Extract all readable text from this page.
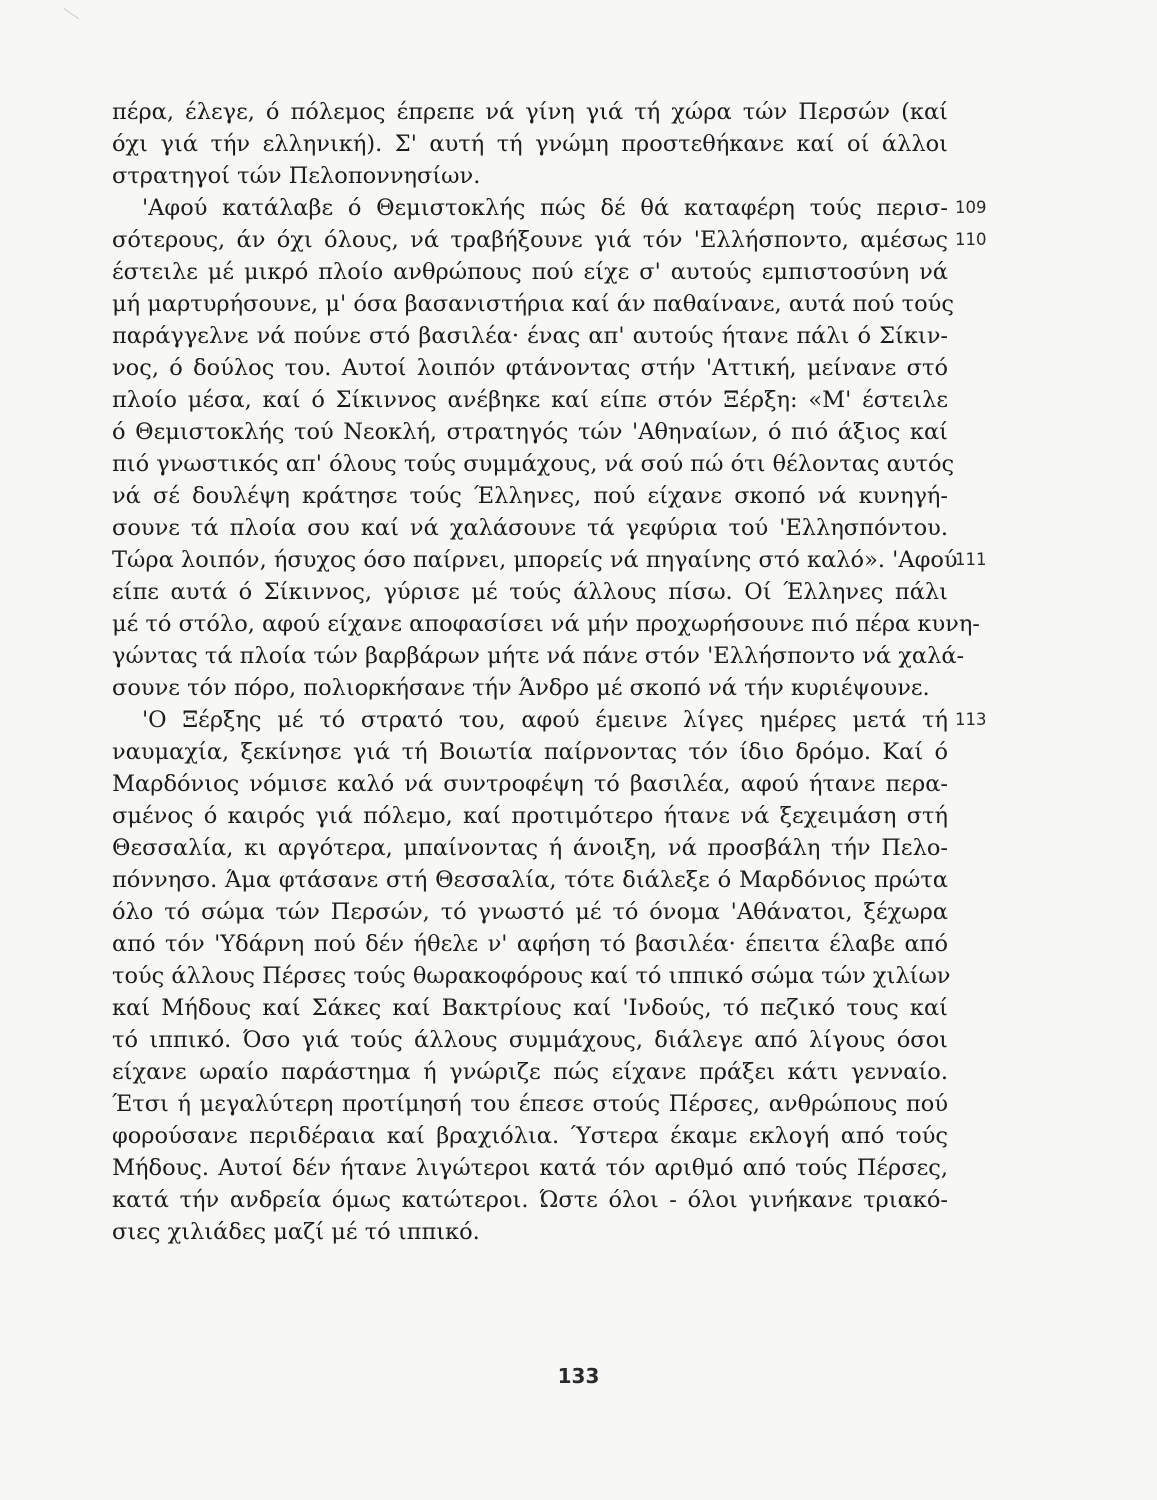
πέρα, έλεγε, ό πόλεμος έπρεπε νά γίνη γιά τή χώρα τών Περσών (καί
όχι γιά τήν ελληνική). Σ' αυτή τή γνώμη προστεθήκανε καί οί άλλοι
στρατηγοί τών Πελοποννησίων.
'Αφού κατάλαβε ό Θεμιστοκλής πώς δέ θά καταφέρη τούς περισ-
σότερους, άν όχι όλους, νά τραβήξουνε γιά τόν 'Ελλήσποντο, αμέσως
έστειλε μέ μικρό πλοίο ανθρώπους πού είχε σ' αυτούς εμπιστοσύνη νά
μή μαρτυρήσουνε, μ' όσα βασανιστήρια καί άν παθαίνανε, αυτά πού τούς
παράγγελνε νά πούνε στό βασιλέα· ένας απ' αυτούς ήτανε πάλι ό Σίκιν-
νος, ό δούλος του. Αυτοί λοιπόν φτάνοντας στήν 'Αττική, μείνανε στό
πλοίο μέσα, καί ό Σίκιννος ανέβηκε καί είπε στόν Ξέρξη: «Μ' έστειλε
ό Θεμιστοκλής τού Νεοκλή, στρατηγός τών 'Αθηναίων, ό πιό άξιος καί
πιό γνωστικός απ' όλους τούς συμμάχους, νά σού πώ ότι θέλοντας αυτός
νά σέ δουλέψη κράτησε τούς Έλληνες, πού είχανε σκοπό νά κυνηγή-
σουνε τά πλοία σου καί νά χαλάσουνε τά γεφύρια τού 'Ελλησπόντου.
Τώρα λοιπόν, ήσυχος όσο παίρνει, μπορείς νά πηγαίνης στό καλό». 'Αφού
είπε αυτά ό Σίκιννος, γύρισε μέ τούς άλλους πίσω. Οί Έλληνες πάλι
μέ τό στόλο, αφού είχανε αποφασίσει νά μήν προχωρήσουνε πιό πέρα κυνη-
γώντας τά πλοία τών βαρβάρων μήτε νά πάνε στόν 'Ελλήσποντο νά χαλά-
σουνε τόν πόρο, πολιορκήσανε τήν Άνδρο μέ σκοπό νά τήν κυριέψουνε.
'Ο Ξέρξης μέ τό στρατό του, αφού έμεινε λίγες ημέρες μετά τή
ναυμαχία, ξεκίνησε γιά τή Βοιωτία παίρνοντας τόν ίδιο δρόμο. Καί ό
Μαρδόνιος νόμισε καλό νά συντροφέψη τό βασιλέα, αφού ήτανε περα-
σμένος ό καιρός γιά πόλεμο, καί προτιμότερο ήτανε νά ξεχειμάση στή
Θεσσαλία, κι αργότερα, μπαίνοντας ή άνοιξη, νά προσβάλη τήν Πελο-
πόννησο. Άμα φτάσανε στή Θεσσαλία, τότε διάλεξε ό Μαρδόνιος πρώτα
όλο τό σώμα τών Περσών, τό γνωστό μέ τό όνομα 'Αθάνατοι, ξέχωρα
από τόν 'Υδάρνη πού δέν ήθελε ν' αφήση τό βασιλέα· έπειτα έλαβε από
τούς άλλους Πέρσες τούς θωρακοφόρους καί τό ιππικό σώμα τών χιλίων
καί Μήδους καί Σάκες καί Βακτρίους καί 'Ινδούς, τό πεζικό τους καί
τό ιππικό. Όσο γιά τούς άλλους συμμάχους, διάλεγε από λίγους όσοι
είχανε ωραίο παράστημα ή γνώριζε πώς είχανε πράξει κάτι γενναίο.
Έτσι ή μεγαλύτερη προτίμησή του έπεσε στούς Πέρσες, ανθρώπους πού
φορούσανε περιδέραια καί βραχιόλια. Ύστερα έκαμε εκλογή από τούς
Μήδους. Αυτοί δέν ήτανε λιγώτεροι κατά τόν αριθμό από τούς Πέρσες,
κατά τήν ανδρεία όμως κατώτεροι. Ώστε όλοι - όλοι γινήκανε τριακό-
σιες χιλιάδες μαζί μέ τό ιππικό.
109
110
111
113
133
